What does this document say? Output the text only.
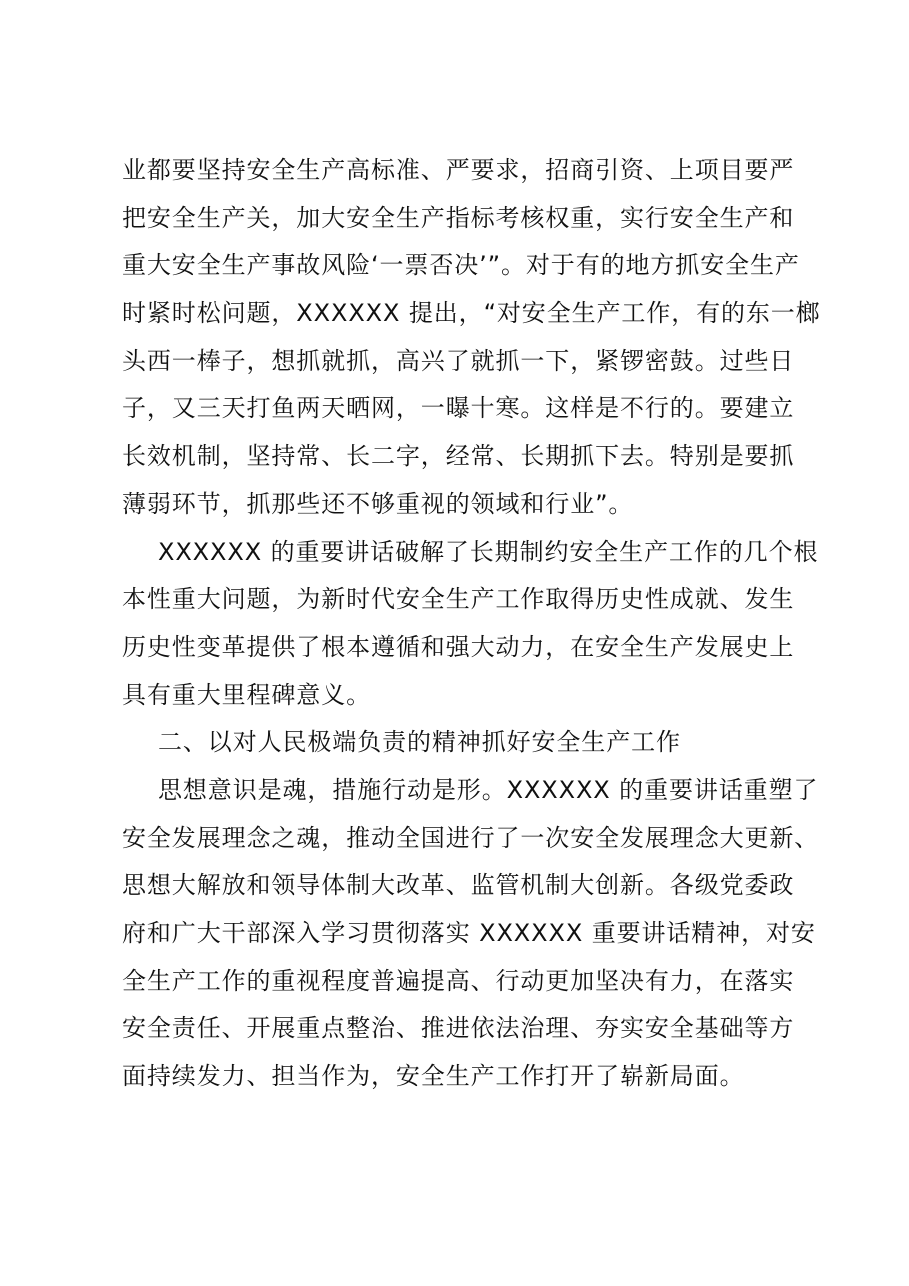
业都要坚持安全生产高标准、严要求，招商引资、上项目要严
把安全生产关，加大安全生产指标考核权重，实行安全生产和
重大安全生产事故风险‘一票否决’”。对于有的地方抓安全生产
时紧时松问题，XXXXXX 提出，“对安全生产工作，有的东一榔
头西一棒子，想抓就抓，高兴了就抓一下，紧锣密鼓。过些日
子，又三天打鱼两天晒网，一曝十寒。这样是不行的。要建立
长效机制，坚持常、长二字，经常、长期抓下去。特别是要抓
薄弱环节，抓那些还不够重视的领域和行业”。
XXXXXX 的重要讲话破解了长期制约安全生产工作的几个根
本性重大问题，为新时代安全生产工作取得历史性成就、发生
历史性变革提供了根本遵循和强大动力，在安全生产发展史上
具有重大里程碑意义。
二、以对人民极端负责的精神抓好安全生产工作
思想意识是魂，措施行动是形。XXXXXX 的重要讲话重塑了
安全发展理念之魂，推动全国进行了一次安全发展理念大更新、
思想大解放和领导体制大改革、监管机制大创新。各级党委政
府和广大干部深入学习贯彻落实 XXXXXX 重要讲话精神，对安
全生产工作的重视程度普遍提高、行动更加坚决有力，在落实
安全责任、开展重点整治、推进依法治理、夯实安全基础等方
面持续发力、担当作为，安全生产工作打开了崭新局面。
